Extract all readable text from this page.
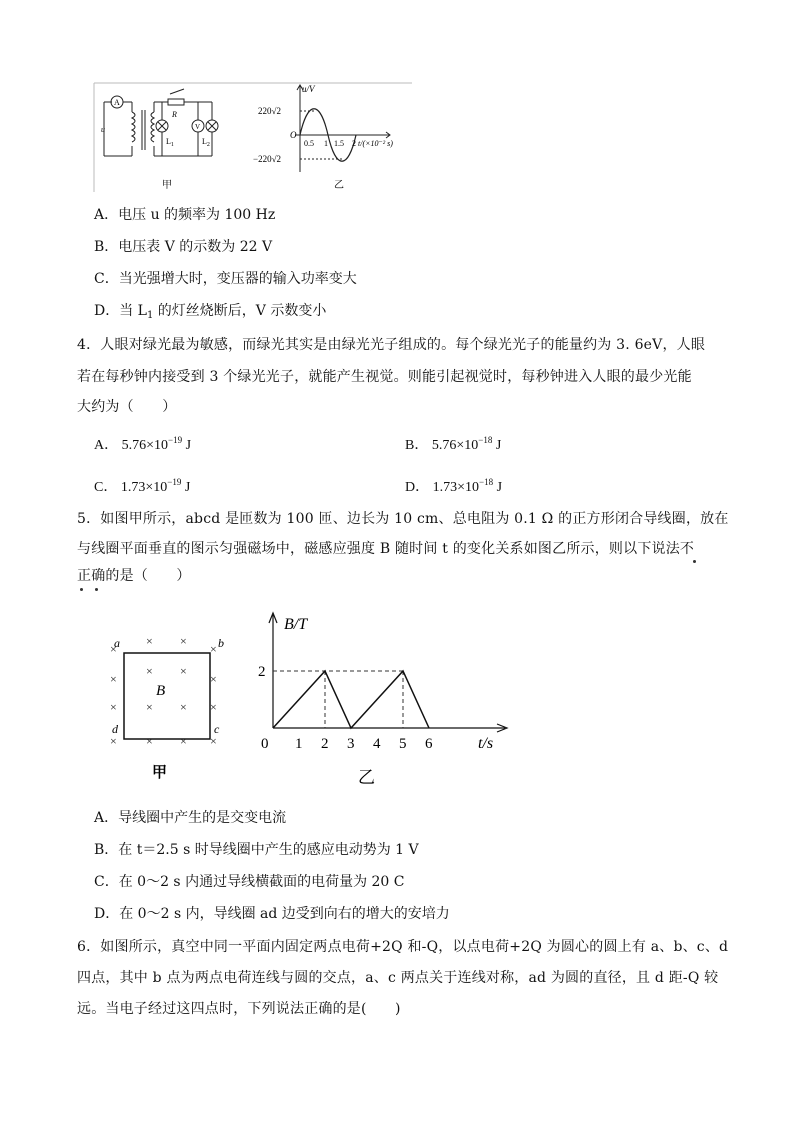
A
u
R
V
$L_1$	$L_2$
u/V
220√2
−220√2
O
0.5 1 1.5 2 t/(×10⁻² s)
甲	乙
A．电压 u 的频率为 100 Hz
B．电压表 V 的示数为 22 V
C．当光强增大时，变压器的输入功率变大
D．当 $L_1$ 的灯丝烧断后，V 示数变小
4．人眼对绿光最为敏感，而绿光其实是由绿光光子组成的。每个绿光光子的能量约为 3. 6eV，人眼
若在每秒钟内接受到 3 个绿光光子，就能产生视觉。则能引起视觉时，每秒钟进入人眼的最少光能
大约为（　　）
A． $5.76\times 10^{-19}$ J	B． $5.76\times 10^{-18}$ J
C． $1.73\times 10^{-19}$ J	D． $1.73\times 10^{-18}$ J
5．如图甲所示，abcd 是匝数为 100 匝、边长为 10 cm、总电阻为 0.1 Ω 的正方形闭合导线圈，放在
与线圈平面垂直的图示匀强磁场中，磁感应强度 B 随时间 t 的变化关系如图乙所示，则以下说法不
正确的是（　　）
×
× ×
×
×
× ×
×
× × × ×
× × × ×
a	b
c
d
B
甲
0 1 2 3 4 5 6
2
B/T
t/s
乙
A．导线圈中产生的是交变电流
B．在 t＝2.5 s 时导线圈中产生的感应电动势为 1 V
C．在 0～2 s 内通过导线横截面的电荷量为 20 C
D．在 0～2 s 内，导线圈 ad 边受到向右的增大的安培力
6．如图所示，真空中同一平面内固定两点电荷+2Q 和-Q，以点电荷+2Q 为圆心的圆上有 a、b、c、d
四点，其中 b 点为两点电荷连线与圆的交点，a、c 两点关于连线对称，ad 为圆的直径，且 d 距-Q 较
远。当电子经过这四点时，下列说法正确的是(　　)
